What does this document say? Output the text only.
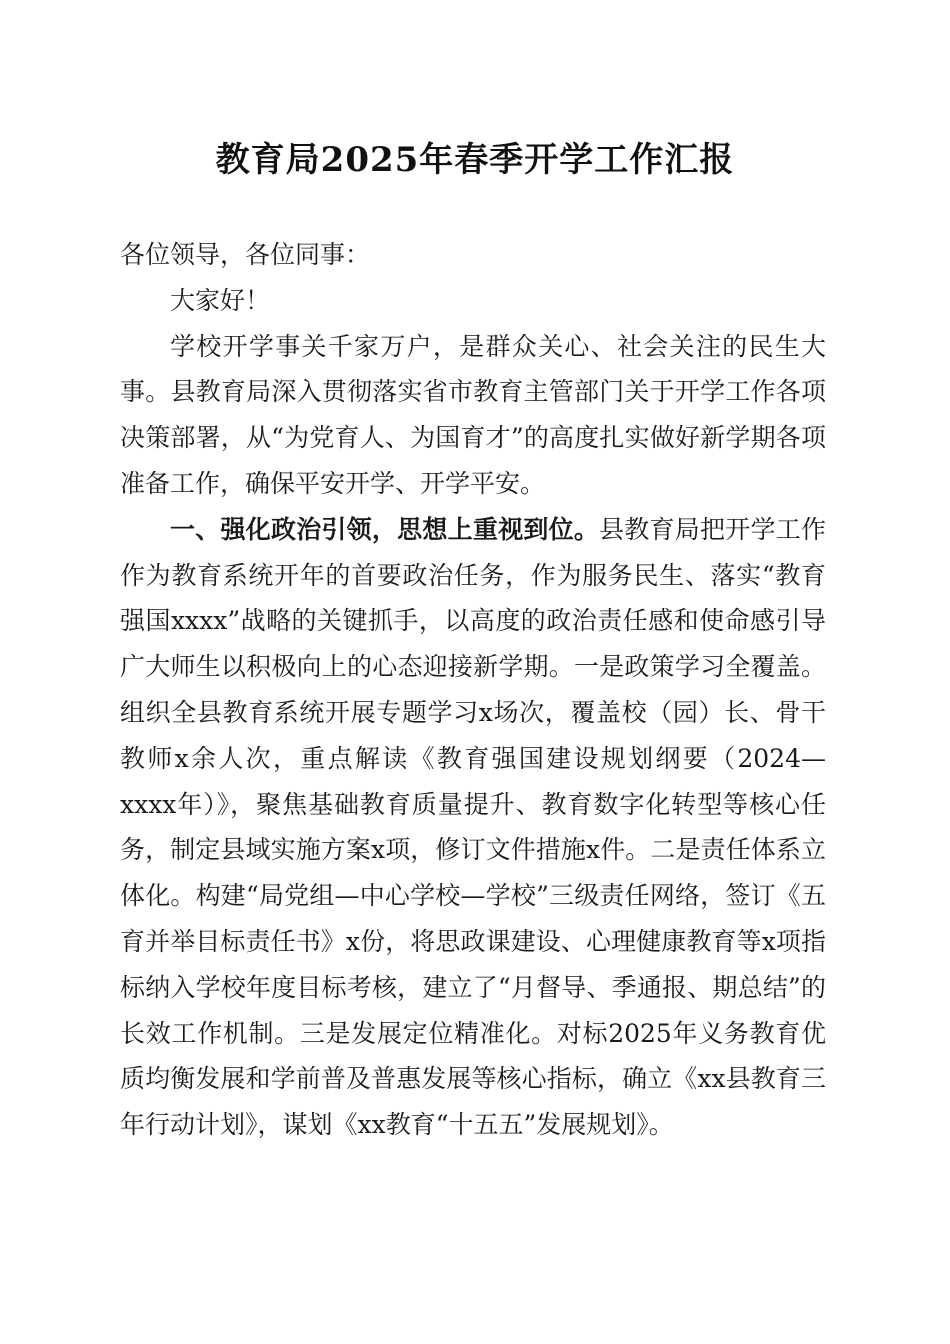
教育局2025年春季开学工作汇报

各位领导，各位同事：

大家好！

学校开学事关千家万户，是群众关心、社会关注的民生大事。县教育局深入贯彻落实省市教育主管部门关于开学工作各项决策部署，从“为党育人、为国育才”的高度扎实做好新学期各项准备工作，确保平安开学、开学平安。

一、强化政治引领，思想上重视到位。县教育局把开学工作作为教育系统开年的首要政治任务，作为服务民生、落实“教育强国xxxx”战略的关键抓手，以高度的政治责任感和使命感引导广大师生以积极向上的心态迎接新学期。一是政策学习全覆盖。组织全县教育系统开展专题学习x场次，覆盖校（园）长、骨干教师x余人次，重点解读《教育强国建设规划纲要（2024—xxxx年）》，聚焦基础教育质量提升、教育数字化转型等核心任务，制定县域实施方案x项，修订文件措施x件。二是责任体系立体化。构建“局党组—中心学校—学校”三级责任网络，签订《五育并举目标责任书》x份，将思政课建设、心理健康教育等x项指标纳入学校年度目标考核，建立了“月督导、季通报、期总结”的长效工作机制。三是发展定位精准化。对标2025年义务教育优质均衡发展和学前普及普惠发展等核心指标，确立《xx县教育三年行动计划》，谋划《xx教育“十五五”发展规划》。
